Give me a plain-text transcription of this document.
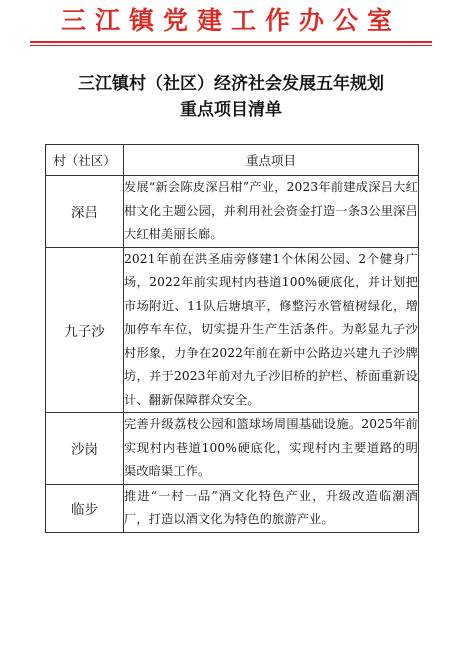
三江镇党建工作办公室
三江镇村（社区）经济社会发展五年规划
重点项目清单
村（社区）	重点项目
深吕	发展“新会陈皮深吕柑”产业，2023年前建成深吕大红柑文化主题公园，并利用社会资金打造一条3公里深吕大红柑美丽长廊。
九子沙	2021年前在洪圣庙旁修建1个休闲公园、2个健身广场，2022年前实现村内巷道100%硬底化，并计划把市场附近、11队后塘填平，修整污水管植树绿化，增加停车车位，切实提升生产生活条件。为彰显九子沙村形象，力争在2022年前在新中公路边兴建九子沙牌坊，并于2023年前对九子沙旧桥的护栏、桥面重新设计、翻新保障群众安全。
沙岗	完善升级荔枝公园和篮球场周围基础设施。2025年前实现村内巷道100%硬底化，实现村内主要道路的明渠改暗渠工作。
临步	推进“一村一品”酒文化特色产业，升级改造临潮酒厂，打造以酒文化为特色的旅游产业。
